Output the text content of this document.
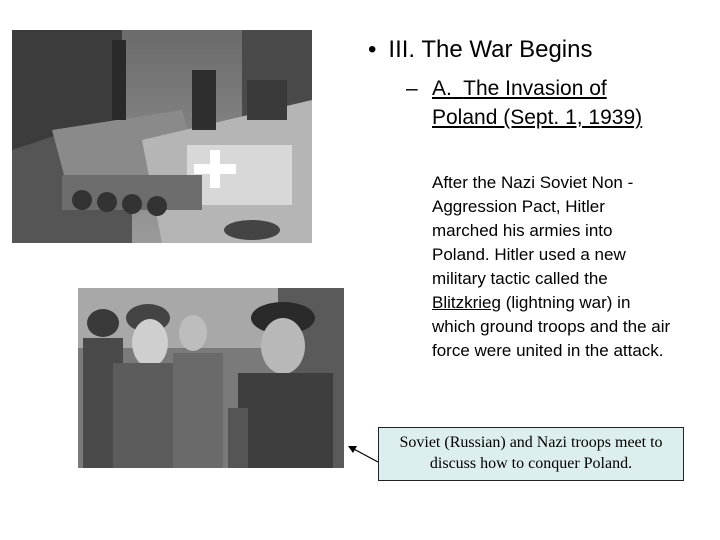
• III. The War Begins
– A. The Invasion of Poland (Sept. 1, 1939)
After the Nazi Soviet Non -Aggression Pact, Hitler marched his armies into Poland. Hitler used a new military tactic called the Blitzkrieg (lightning war) in which ground troops and the air force were united in the attack.
Soviet (Russian) and Nazi troops meet to discuss how to conquer Poland.
